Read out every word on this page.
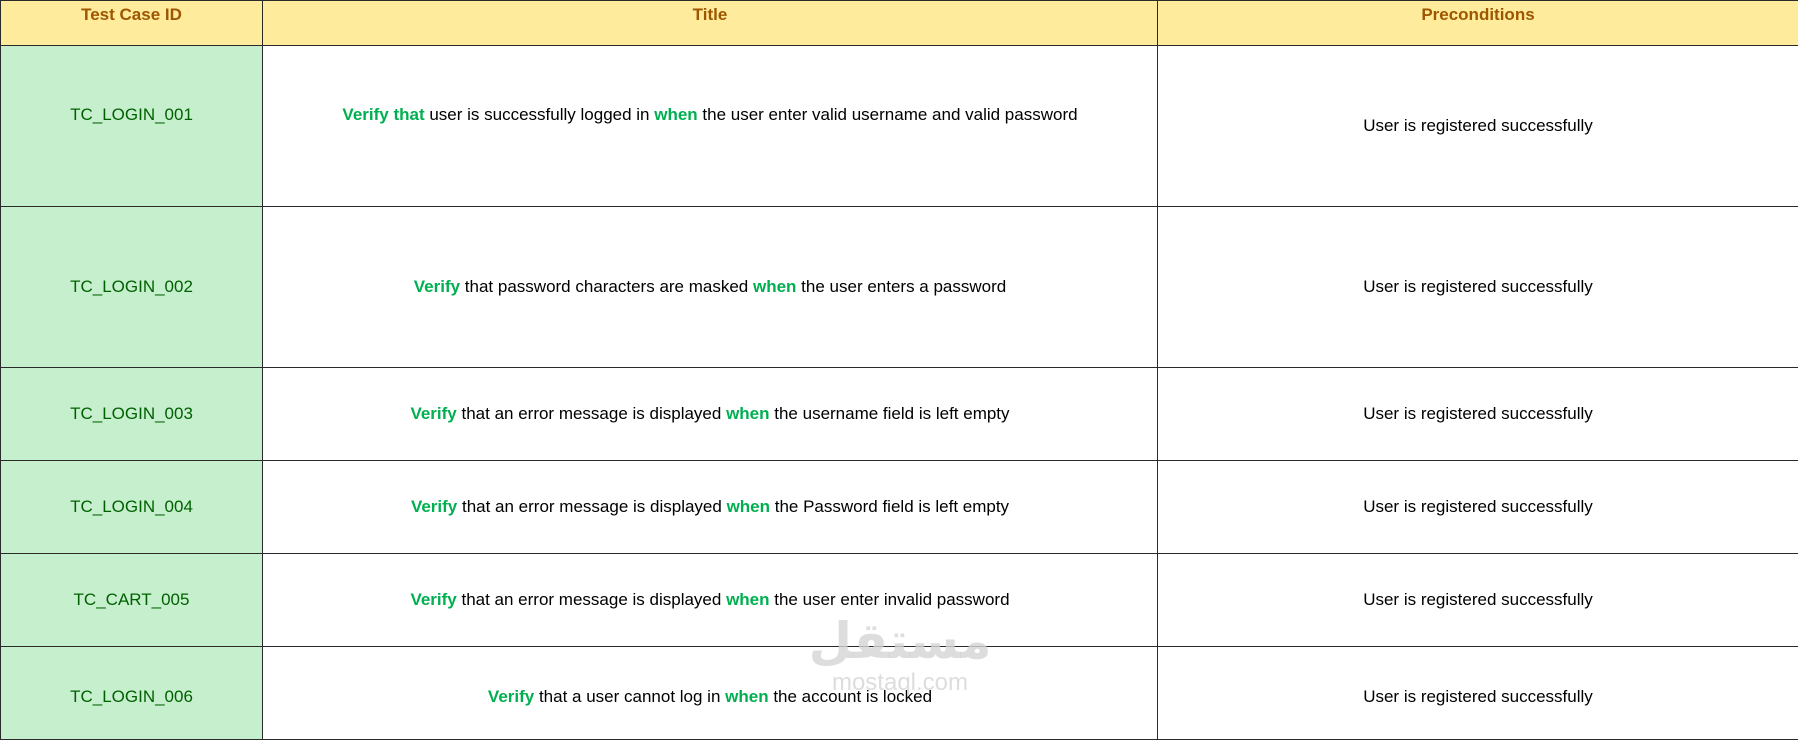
Test Case ID	Title	Preconditions
TC_LOGIN_001	Verify that user is successfully logged in when the user enter valid username and valid password	User is registered successfully
TC_LOGIN_002	Verify that password characters are masked when the user enters a password	User is registered successfully
TC_LOGIN_003	Verify that an error message is displayed when the username field is left empty	User is registered successfully
TC_LOGIN_004	Verify that an error message is displayed when the Password field is left empty	User is registered successfully
TC_CART_005	Verify that an error message is displayed when the user enter invalid password	User is registered successfully
TC_LOGIN_006	Verify that a user cannot log in when the account is locked	User is registered successfully
مستقل
mostaql.com
